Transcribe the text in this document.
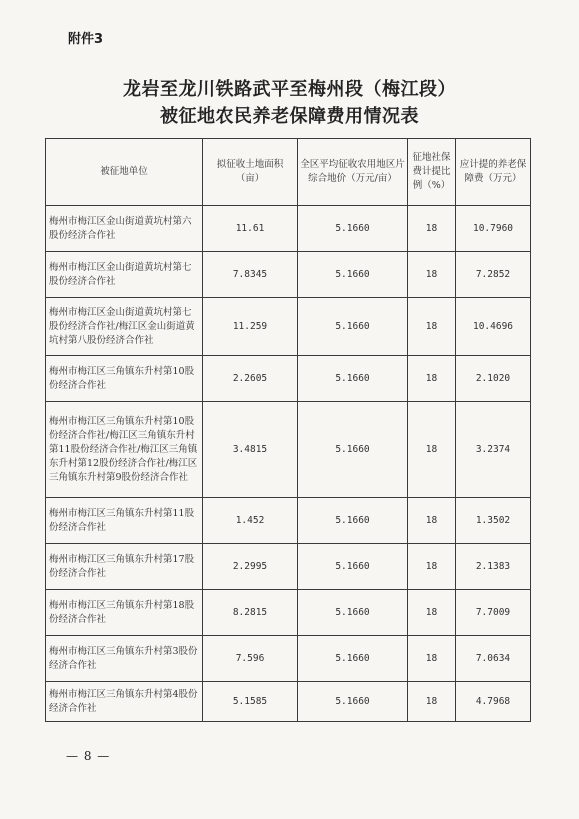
附件3
龙岩至龙川铁路武平至梅州段（梅江段）
被征地农民养老保障费用情况表
被征地单位	拟征收土地面积（亩）	全区平均征收农用地区片综合地价（万元/亩）	征地社保费计提比例（%）	应计提的养老保障费（万元）
梅州市梅江区金山街道黄坑村第六股份经济合作社	11.61	5.1660	18	10.7960
梅州市梅江区金山街道黄坑村第七股份经济合作社	7.8345	5.1660	18	7.2852
梅州市梅江区金山街道黄坑村第七股份经济合作社/梅江区金山街道黄坑村第八股份经济合作社	11.259	5.1660	18	10.4696
梅州市梅江区三角镇东升村第10股份经济合作社	2.2605	5.1660	18	2.1020
梅州市梅江区三角镇东升村第10股份经济合作社/梅江区三角镇东升村第11股份经济合作社/梅江区三角镇东升村第12股份经济合作社/梅江区三角镇东升村第9股份经济合作社	3.4815	5.1660	18	3.2374
梅州市梅江区三角镇东升村第11股份经济合作社	1.452	5.1660	18	1.3502
梅州市梅江区三角镇东升村第17股份经济合作社	2.2995	5.1660	18	2.1383
梅州市梅江区三角镇东升村第18股份经济合作社	8.2815	5.1660	18	7.7009
梅州市梅江区三角镇东升村第3股份经济合作社	7.596	5.1660	18	7.0634
梅州市梅江区三角镇东升村第4股份经济合作社	5.1585	5.1660	18	4.7968
— 8 —
